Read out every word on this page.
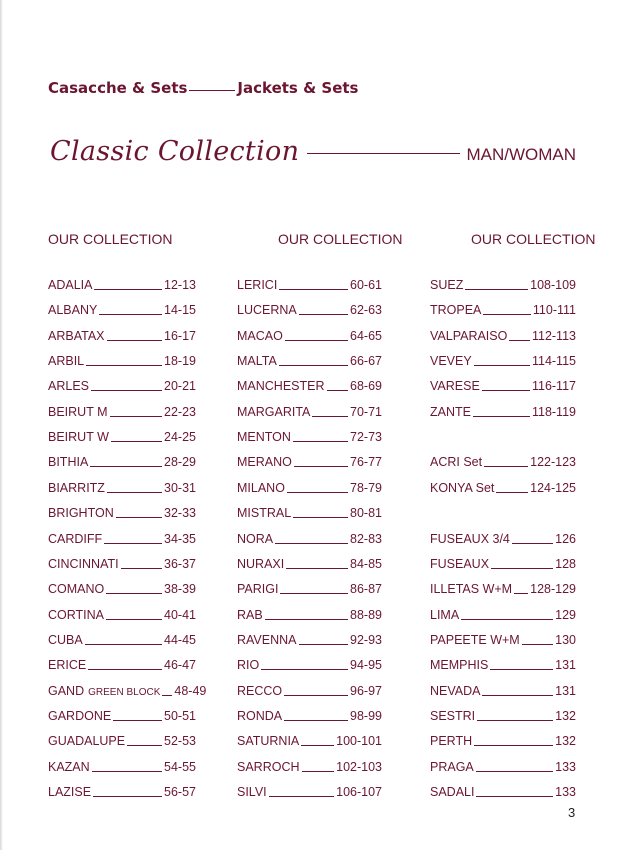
Casacche & Sets	Jackets & Sets
Classic Collection	MAN/WOMAN
OUR COLLECTION	OUR COLLECTION	OUR COLLECTION
ADALIA	12-13
ALBANY	14-15
ARBATAX	16-17
ARBIL	18-19
ARLES	20-21
BEIRUT M	22-23
BEIRUT W	24-25
BITHIA	28-29
BIARRITZ	30-31
BRIGHTON	32-33
CARDIFF	34-35
CINCINNATI	36-37
COMANO	38-39
CORTINA	40-41
CUBA	44-45
ERICE	46-47
GAND GREEN BLOCK 48-49
GARDONE	50-51
GUADALUPE	52-53
KAZAN	54-55
LAZISE	56-57
LERICI	60-61
LUCERNA	62-63
MACAO	64-65
MALTA	66-67
MANCHESTER 68-69
MARGARITA	70-71
MENTON	72-73
MERANO	76-77
MILANO	78-79
MISTRAL	80-81
NORA	82-83
NURAXI	84-85
PARIGI	86-87
RAB	88-89
RAVENNA	92-93
RIO	94-95
RECCO	96-97
RONDA	98-99
SATURNIA	100-101
SARROCH	102-103
SILVI	106-107
SUEZ	108-109
TROPEA	110-111
VALPARAISO 112-113
VEVEY	114-115
VARESE	116-117
ZANTE	118-119
ACRI Set	122-123
KONYA Set	124-125
FUSEAUX 3/4	126
FUSEAUX	128
ILLETAS W+M 128-129
LIMA	129
PAPEETE W+M	130
MEMPHIS	131
NEVADA	131
SESTRI	132
PERTH	132
PRAGA	133
SADALI	133
3
